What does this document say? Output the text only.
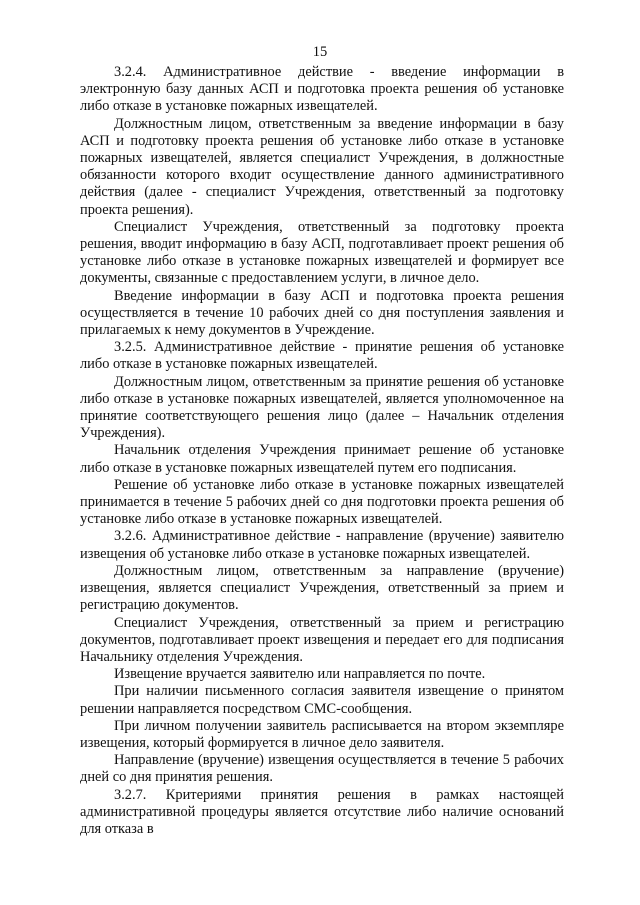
15

3.2.4. Административное действие - введение информации в электронную базу данных АСП и подготовка проекта решения об установке либо отказе в установке пожарных извещателей.

Должностным лицом, ответственным за введение информации в базу АСП и подготовку проекта решения об установке либо отказе в установке пожарных извещателей, является специалист Учреждения, в должностные обязанности которого входит осуществление данного административного действия (далее - специалист Учреждения, ответственный за подготовку проекта решения).

Специалист Учреждения, ответственный за подготовку проекта решения, вводит информацию в базу АСП, подготавливает проект решения об установке либо отказе в установке пожарных извещателей и формирует все документы, связанные с предоставлением услуги, в личное дело.

Введение информации в базу АСП и подготовка проекта решения осуществляется в течение 10 рабочих дней со дня поступления заявления и прилагаемых к нему документов в Учреждение.

3.2.5. Административное действие - принятие решения об установке либо отказе в установке пожарных извещателей.

Должностным лицом, ответственным за принятие решения об установке либо отказе в установке пожарных извещателей, является уполномоченное на принятие соответствующего решения лицо (далее – Начальник отделения Учреждения).

Начальник отделения Учреждения принимает решение об установке либо отказе в установке пожарных извещателей путем его подписания.

Решение об установке либо отказе в установке пожарных извещателей принимается в течение 5 рабочих дней со дня подготовки проекта решения об установке либо отказе в установке пожарных извещателей.

3.2.6. Административное действие - направление (вручение) заявителю извещения об установке либо отказе в установке пожарных извещателей.

Должностным лицом, ответственным за направление (вручение) извещения, является специалист Учреждения, ответственный за прием и регистрацию документов.

Специалист Учреждения, ответственный за прием и регистрацию документов, подготавливает проект извещения и передает его для подписания Начальнику отделения Учреждения.

Извещение вручается заявителю или направляется по почте.

При наличии письменного согласия заявителя извещение о принятом решении направляется посредством СМС-сообщения.

При личном получении заявитель расписывается на втором экземпляре извещения, который формируется в личное дело заявителя.

Направление (вручение) извещения осуществляется в течение 5 рабочих дней со дня принятия решения.

3.2.7. Критериями принятия решения в рамках настоящей административной процедуры является отсутствие либо наличие оснований для отказа в
